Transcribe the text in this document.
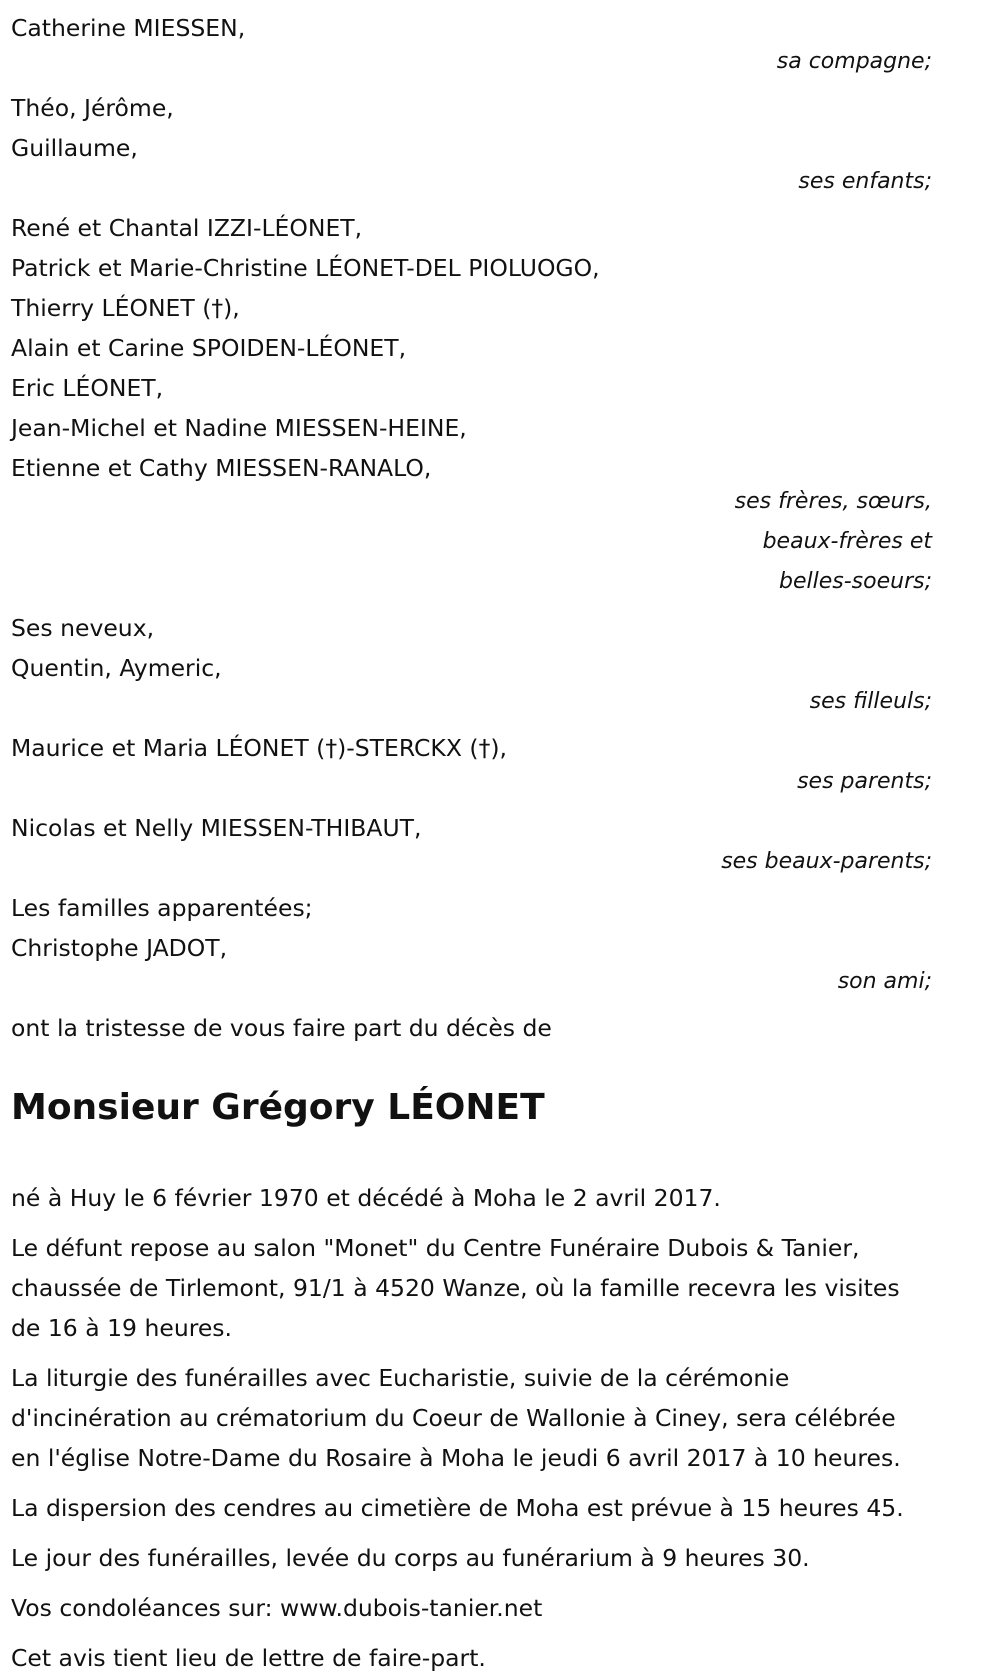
Catherine MIESSEN,
sa compagne;
Théo, Jérôme,
Guillaume,
ses enfants;
René et Chantal IZZI-LÉONET,
Patrick et Marie-Christine LÉONET-DEL PIOLUOGO,
Thierry LÉONET (†),
Alain et Carine SPOIDEN-LÉONET,
Eric LÉONET,
Jean-Michel et Nadine MIESSEN-HEINE,
Etienne et Cathy MIESSEN-RANALO,
ses frères, sœurs,
beaux-frères et
belles-soeurs;
Ses neveux,
Quentin, Aymeric,
ses filleuls;
Maurice et Maria LÉONET (†)-STERCKX (†),
ses parents;
Nicolas et Nelly MIESSEN-THIBAUT,
ses beaux-parents;
Les familles apparentées;
Christophe JADOT,
son ami;

ont la tristesse de vous faire part du décès de

Monsieur Grégory LÉONET

né à Huy le 6 février 1970 et décédé à Moha le 2 avril 2017.

Le défunt repose au salon "Monet" du Centre Funéraire Dubois & Tanier, chaussée de Tirlemont, 91/1 à 4520 Wanze, où la famille recevra les visites de 16 à 19 heures.

La liturgie des funérailles avec Eucharistie, suivie de la cérémonie d'incinération au crématorium du Coeur de Wallonie à Ciney, sera célébrée en l'église Notre-Dame du Rosaire à Moha le jeudi 6 avril 2017 à 10 heures.

La dispersion des cendres au cimetière de Moha est prévue à 15 heures 45.

Le jour des funérailles, levée du corps au funérarium à 9 heures 30.

Vos condoléances sur: www.dubois-tanier.net

Cet avis tient lieu de lettre de faire-part.
